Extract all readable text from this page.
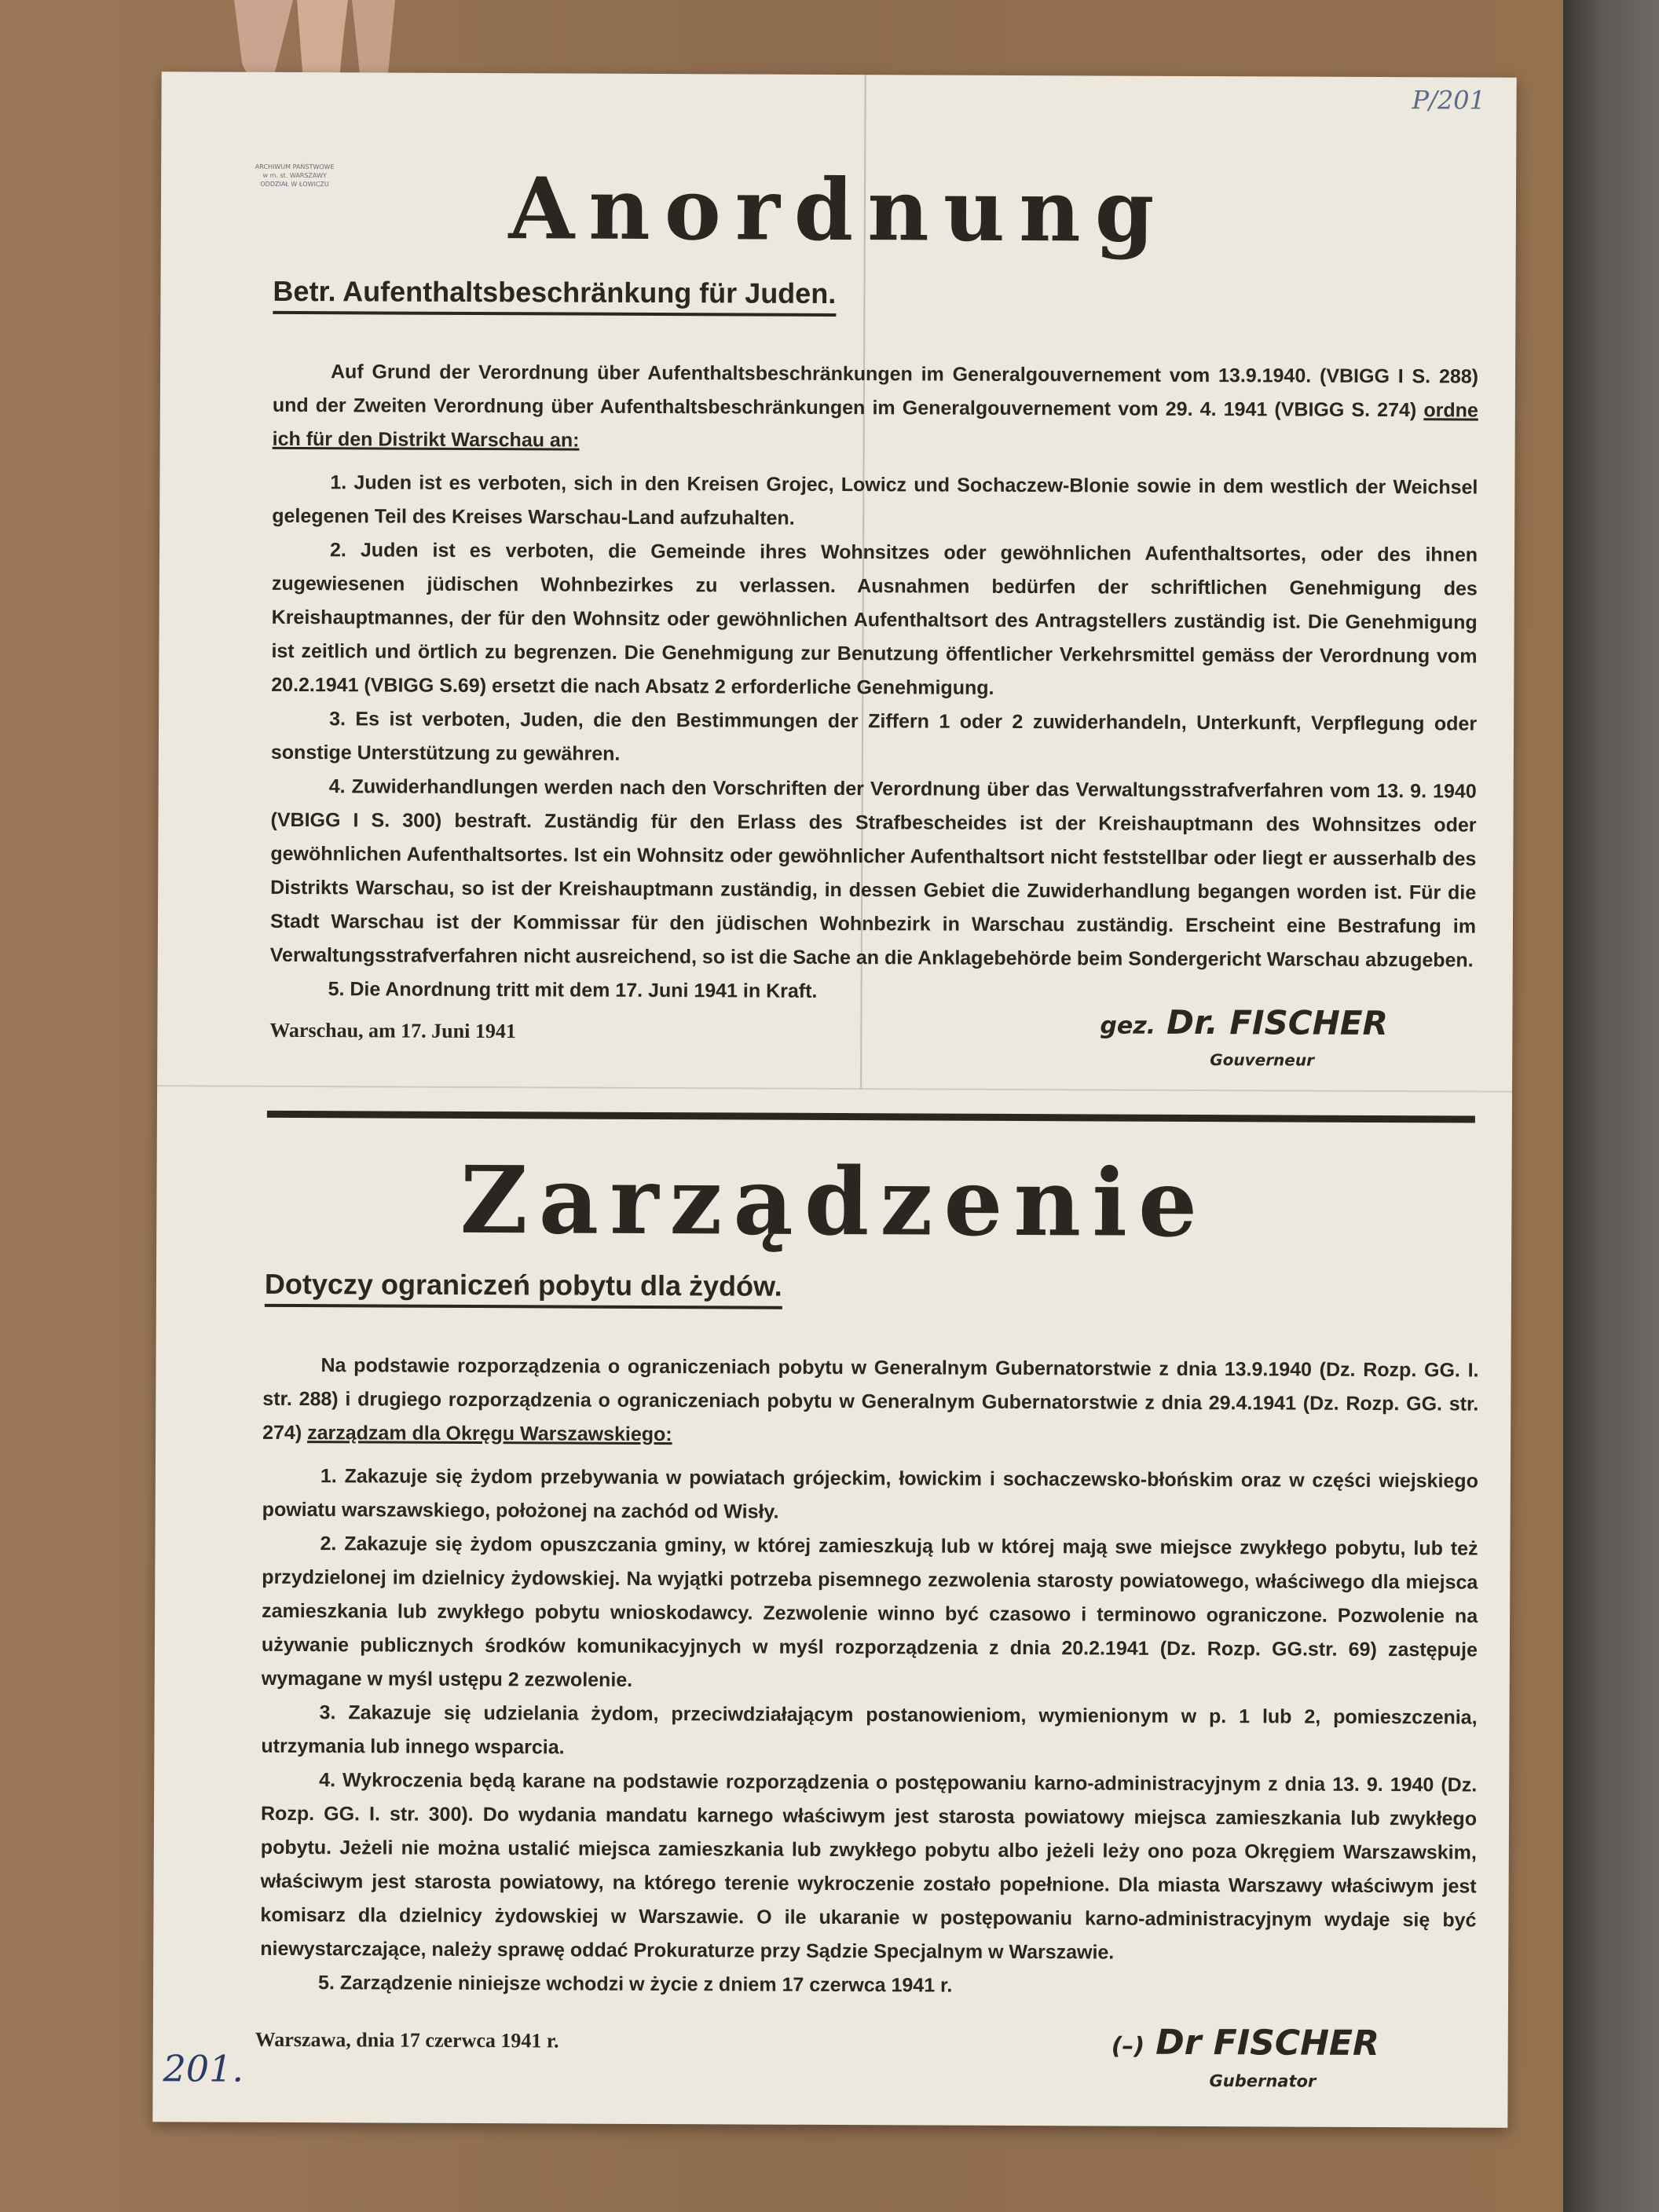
ARCHIWUM PAŃSTWOWE
w m. st. WARSZAWY
ODDZIAŁ W ŁOWICZU
P/201
Anordnung
Betr. Aufenthaltsbeschränkung für Juden.

Auf Grund der Verordnung über Aufenthaltsbeschränkungen im Generalgouvernement vom 13.9.1940. (VBIGG I S. 288) und der Zweiten Verordnung über Aufenthaltsbeschränkungen im Generalgouvernement vom 29. 4. 1941 (VBIGG S. 274) ordne ich für den Distrikt Warschau an:

1. Juden ist es verboten, sich in den Kreisen Grojec, Lowicz und Sochaczew-Blonie sowie in dem westlich der Weichsel gelegenen Teil des Kreises Warschau-Land aufzuhalten.

2. Juden ist es verboten, die Gemeinde ihres Wohnsitzes oder gewöhnlichen Aufenthaltsortes, oder des ihnen zugewiesenen jüdischen Wohnbezirkes zu verlassen. Ausnahmen bedürfen der schriftlichen Genehmigung des Kreishauptmannes, der für den Wohnsitz oder gewöhnlichen Aufenthaltsort des Antragstellers zuständig ist. Die Genehmigung ist zeitlich und örtlich zu begrenzen. Die Genehmigung zur Benutzung öffentlicher Verkehrsmittel gemäss der Verordnung vom 20.2.1941 (VBIGG S.69) ersetzt die nach Absatz 2 erforderliche Genehmigung.

3. Es ist verboten, Juden, die den Bestimmungen der Ziffern 1 oder 2 zuwiderhandeln, Unterkunft, Verpflegung oder sonstige Unterstützung zu gewähren.

4. Zuwiderhandlungen werden nach den Vorschriften der Verordnung über das Verwaltungsstrafverfahren vom 13. 9. 1940 (VBIGG I S. 300) bestraft. Zuständig für den Erlass des Strafbescheides ist der Kreishauptmann des Wohnsitzes oder gewöhnlichen Aufenthaltsortes. Ist ein Wohnsitz oder gewöhnlicher Aufenthaltsort nicht feststellbar oder liegt er ausserhalb des Distrikts Warschau, so ist der Kreishauptmann zuständig, in dessen Gebiet die Zuwiderhandlung begangen worden ist. Für die Stadt Warschau ist der Kommissar für den jüdischen Wohnbezirk in Warschau zuständig. Erscheint eine Bestrafung im Verwaltungsstrafverfahren nicht ausreichend, so ist die Sache an die Anklagebehörde beim Sondergericht Warschau abzugeben.

5. Die Anordnung tritt mit dem 17. Juni 1941 in Kraft.

Warschau, am 17. Juni 1941	gez. Dr. FISCHER
Gouverneur
Zarządzenie
Dotyczy ograniczeń pobytu dla żydów.

Na podstawie rozporządzenia o ograniczeniach pobytu w Generalnym Gubernatorstwie z dnia 13.9.1940 (Dz. Rozp. GG. I. str. 288) i drugiego rozporządzenia o ograniczeniach pobytu w Generalnym Gubernatorstwie z dnia 29.4.1941 (Dz. Rozp. GG. str. 274) zarządzam dla Okręgu Warszawskiego:

1. Zakazuje się żydom przebywania w powiatach grójeckim, łowickim i sochaczewsko-błońskim oraz w części wiejskiego powiatu warszawskiego, położonej na zachód od Wisły.

2. Zakazuje się żydom opuszczania gminy, w której zamieszkują lub w której mają swe miejsce zwykłego pobytu, lub też przydzielonej im dzielnicy żydowskiej. Na wyjątki potrzeba pisemnego zezwolenia starosty powiatowego, właściwego dla miejsca zamieszkania lub zwykłego pobytu wnioskodawcy. Zezwolenie winno być czasowo i terminowo ograniczone. Pozwolenie na używanie publicznych środków komunikacyjnych w myśl rozporządzenia z dnia 20.2.1941 (Dz. Rozp. GG.str. 69) zastępuje wymagane w myśl ustępu 2 zezwolenie.

3. Zakazuje się udzielania żydom, przeciwdziałającym postanowieniom, wymienionym w p. 1 lub 2, pomieszczenia, utrzymania lub innego wsparcia.

4. Wykroczenia będą karane na podstawie rozporządzenia o postępowaniu karno-administracyjnym z dnia 13. 9. 1940 (Dz. Rozp. GG. I. str. 300). Do wydania mandatu karnego właściwym jest starosta powiatowy miejsca zamieszkania lub zwykłego pobytu. Jeżeli nie można ustalić miejsca zamieszkania lub zwykłego pobytu albo jeżeli leży ono poza Okręgiem Warszawskim, właściwym jest starosta powiatowy, na którego terenie wykroczenie zostało popełnione. Dla miasta Warszawy właściwym jest komisarz dla dzielnicy żydowskiej w Warszawie. O ile ukaranie w postępowaniu karno-administracyjnym wydaje się być niewystarczające, należy sprawę oddać Prokuraturze przy Sądzie Specjalnym w Warszawie.

5. Zarządzenie niniejsze wchodzi w życie z dniem 17 czerwca 1941 r.

Warszawa, dnia 17 czerwca 1941 r.	(–) Dr FISCHER
Gubernator
201.
